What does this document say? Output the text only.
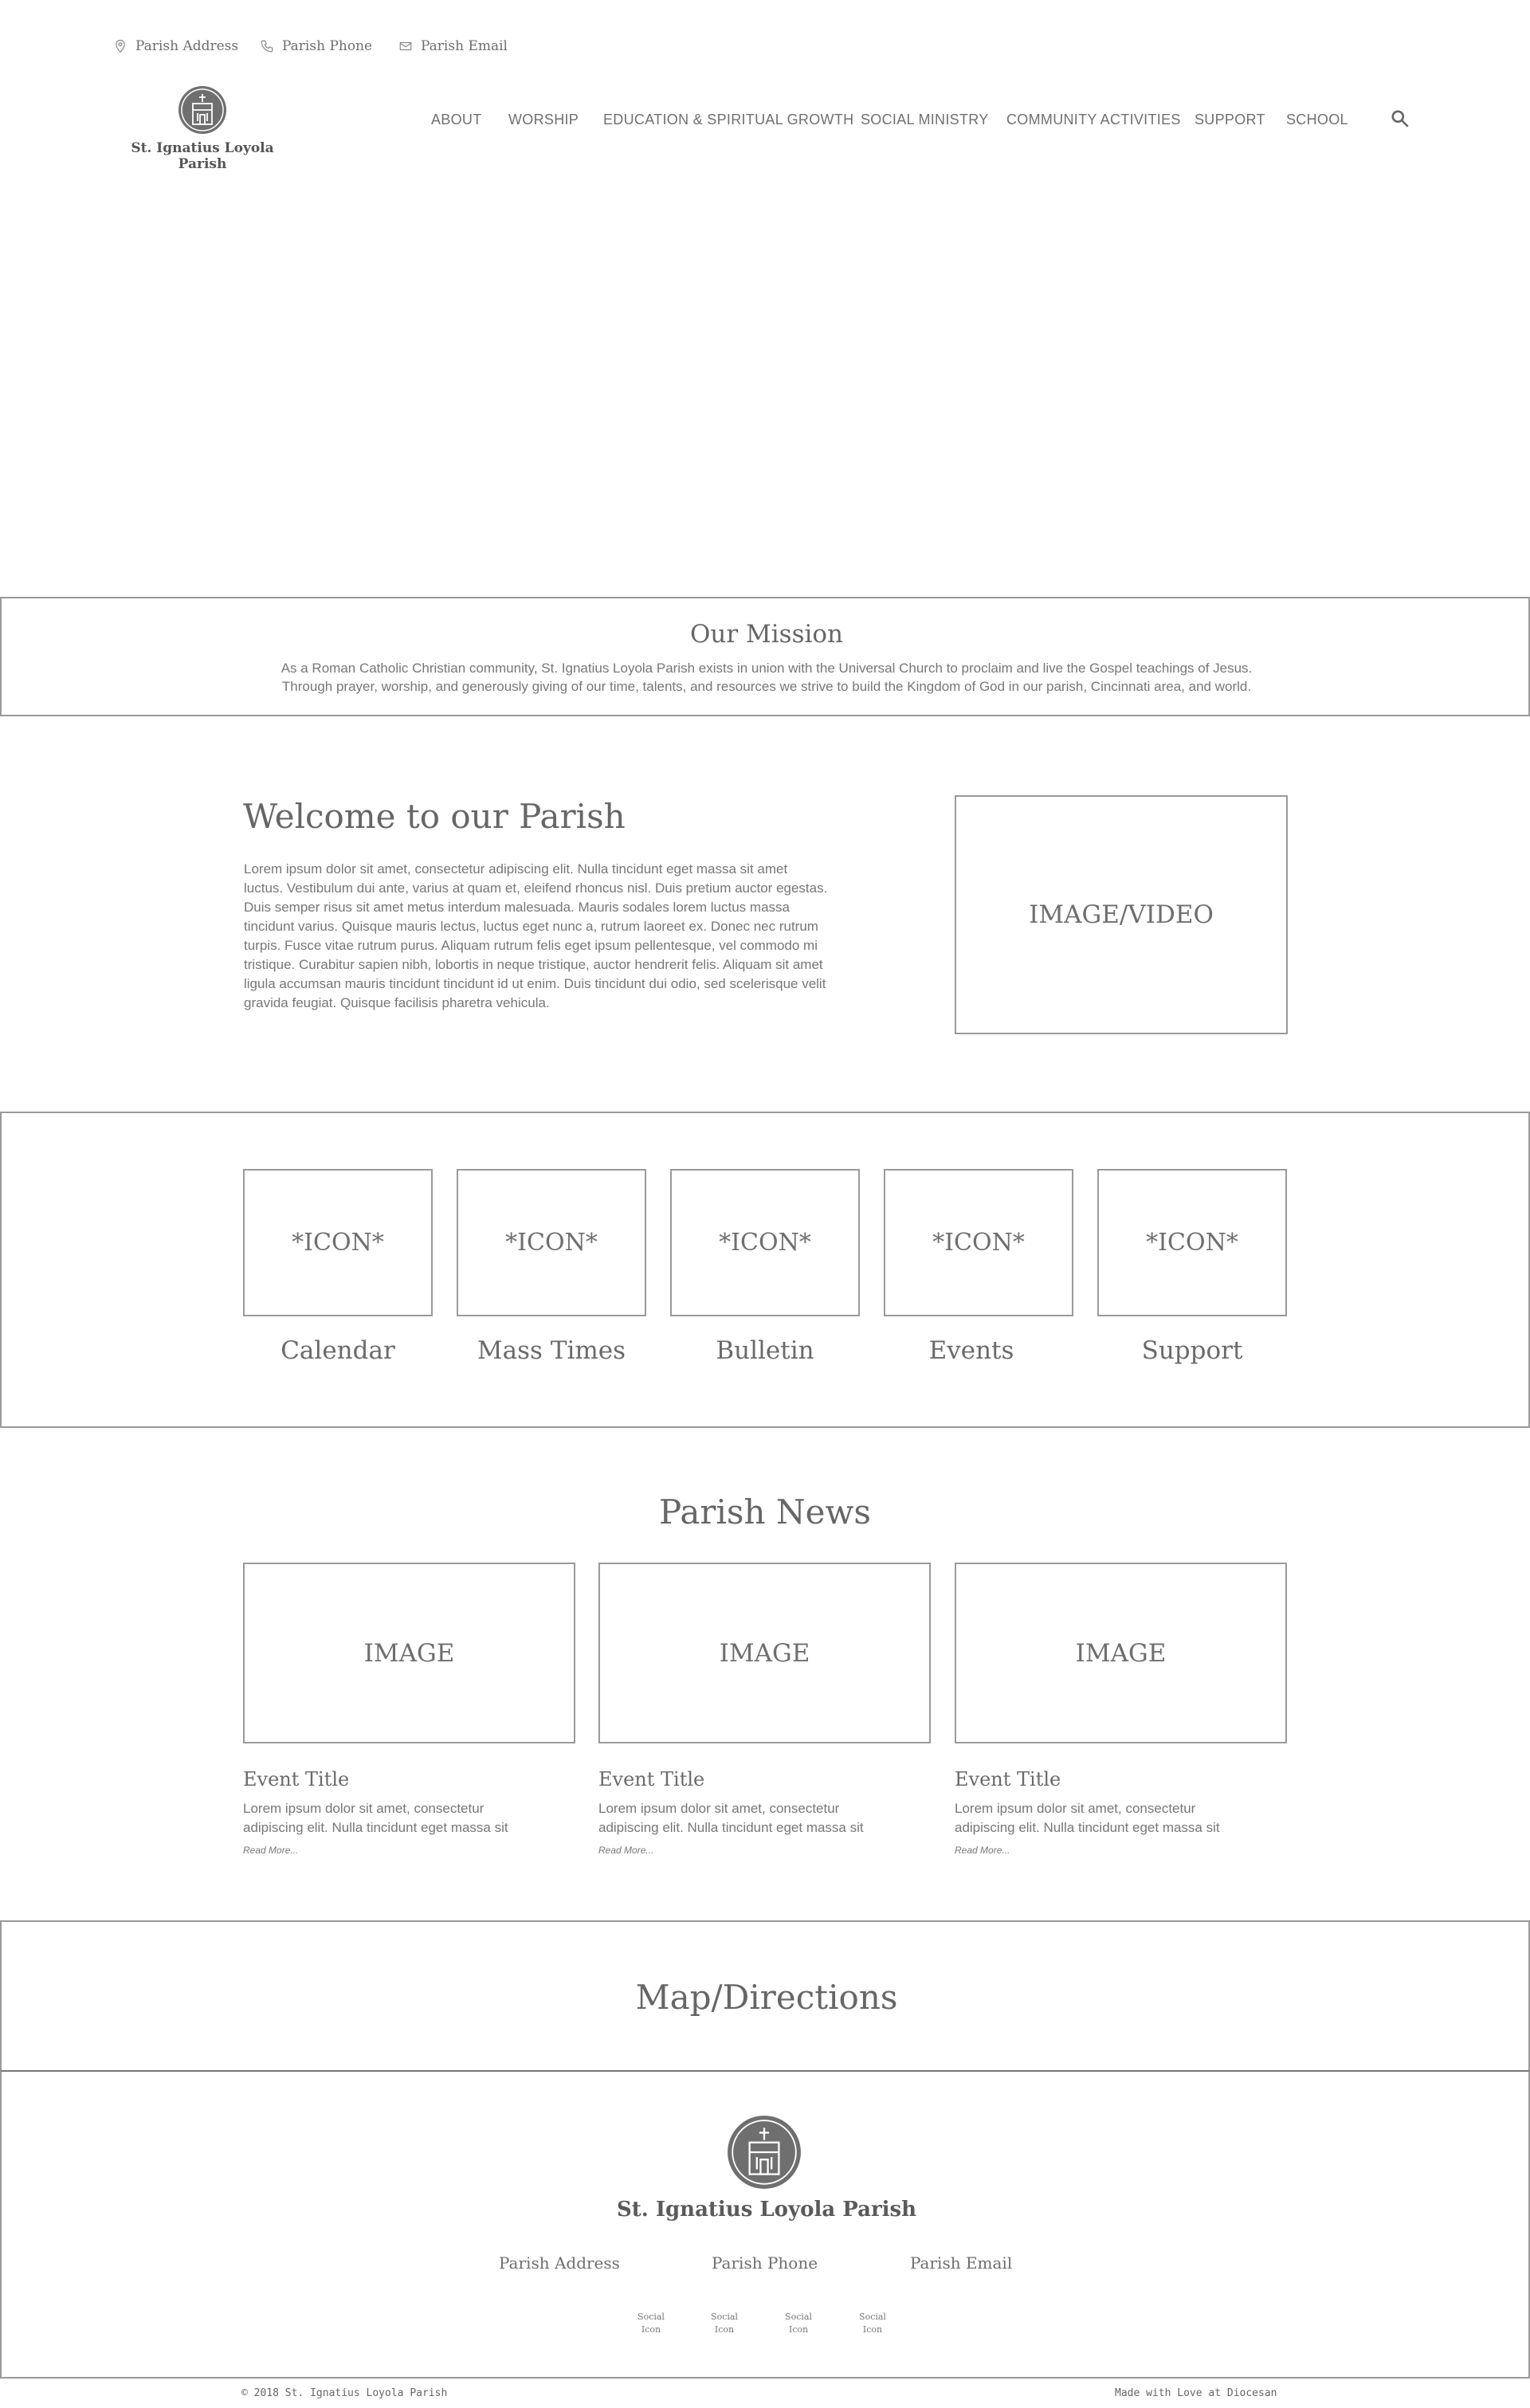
Parish Address	Parish Phone	Parish Email
St. Ignatius Loyola Parish
ABOUT WORSHIP EDUCATION & SPIRITUAL GROWTH SOCIAL MINISTRY COMMUNITY ACTIVITIES SUPPORT SCHOOL
Our Mission
As a Roman Catholic Christian community, St. Ignatius Loyola Parish exists in union with the Universal Church to proclaim and live the Gospel teachings of Jesus.
Through prayer, worship, and generously giving of our time, talents, and resources we strive to build the Kingdom of God in our parish, Cincinnati area, and world.
Welcome to our Parish
Lorem ipsum dolor sit amet, consectetur adipiscing elit. Nulla tincidunt eget massa sit amet
luctus. Vestibulum dui ante, varius at quam et, eleifend rhoncus nisl. Duis pretium auctor egestas.
Duis semper risus sit amet metus interdum malesuada. Mauris sodales lorem luctus massa
tincidunt varius. Quisque mauris lectus, luctus eget nunc a, rutrum laoreet ex. Donec nec rutrum
turpis. Fusce vitae rutrum purus. Aliquam rutrum felis eget ipsum pellentesque, vel commodo mi
tristique. Curabitur sapien nibh, lobortis in neque tristique, auctor hendrerit felis. Aliquam sit amet
ligula accumsan mauris tincidunt tincidunt id ut enim. Duis tincidunt dui odio, sed scelerisque velit
gravida feugiat. Quisque facilisis pharetra vehicula.
IMAGE/VIDEO
*ICON*
Calendar
*ICON*
Mass Times
*ICON*
Bulletin
*ICON*
Events
*ICON*
Support
Parish News
IMAGE
Event Title
Lorem ipsum dolor sit amet, consectetur
adipiscing elit. Nulla tincidunt eget massa sit
Read More...
IMAGE
Event Title
Lorem ipsum dolor sit amet, consectetur
adipiscing elit. Nulla tincidunt eget massa sit
Read More...
IMAGE
Event Title
Lorem ipsum dolor sit amet, consectetur
adipiscing elit. Nulla tincidunt eget massa sit
Read More...
Map/Directions
St. Ignatius Loyola Parish
Parish Address	Parish Phone	Parish Email
Social
Icon
Social
Icon
Social
Icon
Social
Icon
© 2018 St. Ignatius Loyola Parish	Made with Love at Diocesan
